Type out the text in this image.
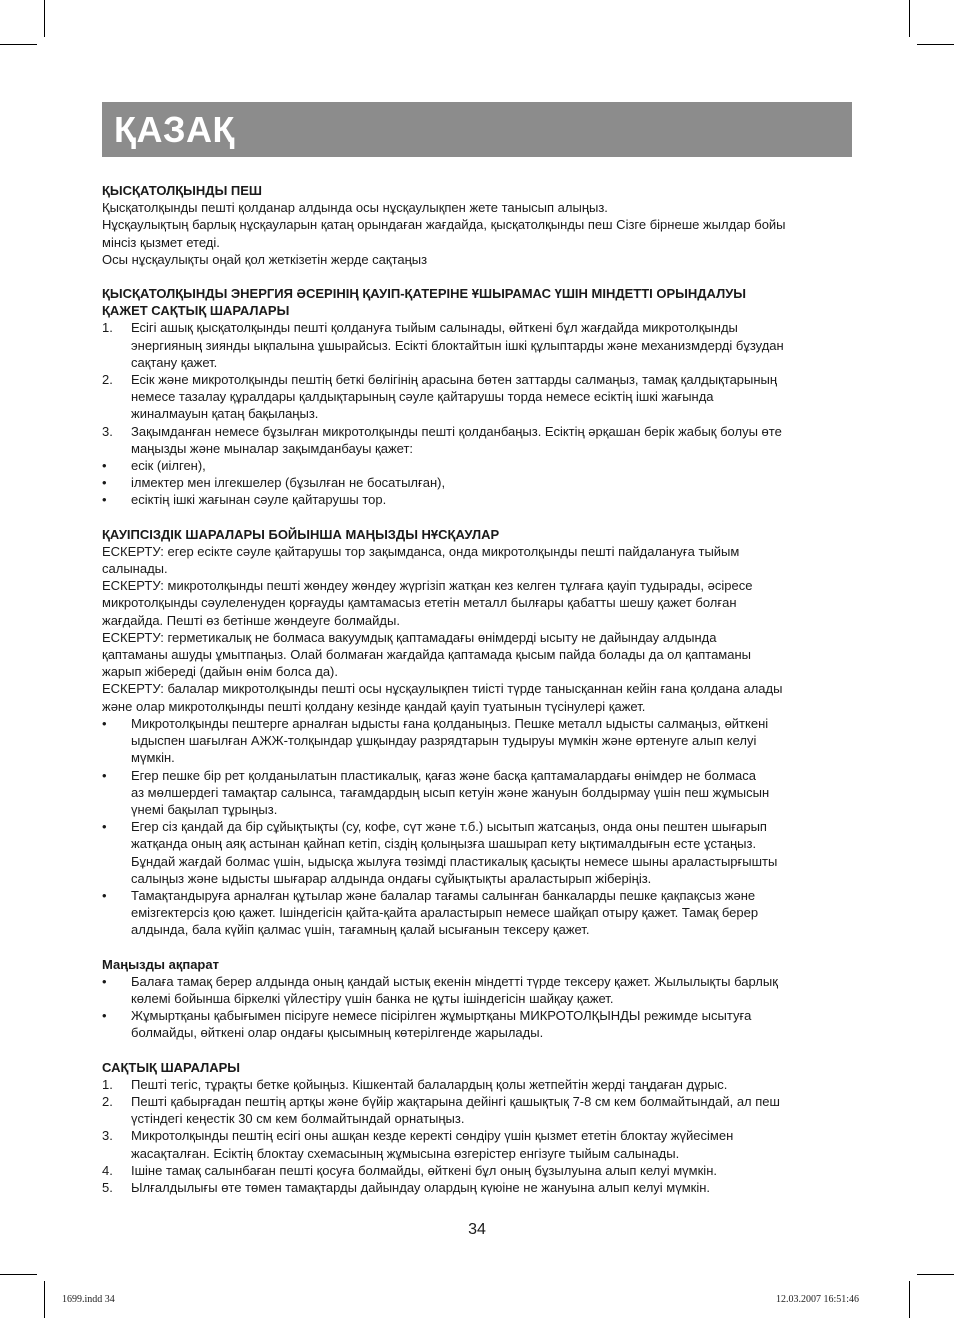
ҚАЗАҚ

ҚЫСҚАТОЛҚЫНДЫ ПЕШ

Қысқатолқынды пешті қолданар алдында осы нұсқаулықпен жете танысып алыңыз.

Нұсқаулықтың барлық нұсқауларын қатаң орындаған жағдайда, қысқатолқынды пеш Сізге бірнеше жылдар бойы

мінсіз қызмет етеді.

Осы нұсқаулықты оңай қол жеткізетін жерде сақтаңыз

ҚЫСҚАТОЛҚЫНДЫ ЭНЕРГИЯ ӘСЕРІНІҢ ҚАУІП-ҚАТЕРІНЕ ҰШЫРАМАС ҮШІН МІНДЕТТІ ОРЫНДАЛУЫ

ҚАЖЕТ САҚТЫҚ ШАРАЛАРЫ

1. Есігі ашық қысқатолқынды пешті қолдануға тыйым салынады, өйткені бұл жағдайда микротолқынды

энергияның зиянды ықпалына ұшырайсыз. Есікті блоктайтын ішкі құлыптарды және механизмдерді бұзудан

сақтану қажет.

2. Есік және микротолқынды пештің беткі бөлігінің арасына бөтен заттарды салмаңыз, тамақ қалдықтарының

немесе тазалау құралдары қалдықтарының сәуле қайтарушы торда немесе есіктің ішкі жағында

жиналмауын қатаң бақылаңыз.

3. Зақымданған немесе бұзылған микротолқынды пешті қолданбаңыз. Есіктің әрқашан берік жабық болуы өте

маңызды және мыналар зақымданбауы қажет:

• есік (иілген),

• ілмектер мен ілгекшелер (бұзылған не босатылған),

• есіктің ішкі жағынан сәуле қайтарушы тор.

ҚАУІПСІЗДІК ШАРАЛАРЫ БОЙЫНША МАҢЫЗДЫ НҰСҚАУЛАР

ЕСКЕРТУ: егер есікте сәуле қайтарушы тор зақымданса, онда микротолқынды пешті пайдалануға тыйым

салынады.

ЕСКЕРТУ: микротолқынды пешті жөндеу жөндеу жүргізіп жатқан кез келген тұлғаға қауіп тудырады, әсіресе

микротолқынды сәулеленуден қорғауды қамтамасыз ететін металл былғары қабатты шешу қажет болған

жағдайда. Пешті өз бетінше жөндеуге болмайды.

ЕСКЕРТУ: герметикалық не болмаса вакуумдық қаптамадағы өнімдерді ысыту не дайындау алдында

қаптаманы ашуды ұмытпаңыз. Олай болмаған жағдайда қаптамада қысым пайда болады да ол қаптаманы

жарып жібереді (дайын өнім болса да).

ЕСКЕРТУ: балалар микротолқынды пешті осы нұсқаулықпен тиісті түрде танысқаннан кейін ғана қолдана алады

және олар микротолқынды пешті қолдану кезінде қандай қауіп туатынын түсінулері қажет.

• Микротолқынды пештерге арналған ыдысты ғана қолданыңыз. Пешке металл ыдысты салмаңыз, өйткені

ыдыспен шағылған АЖЖ-толқындар ұшқындау разрядтарын тудыруы мүмкін және өртенуге алып келуі

мүмкін.

• Егер пешке бір рет қолданылатын пластикалық, қағаз және басқа қаптамалардағы өнімдер не болмаса

аз мөлшердегі тамақтар салынса, тағамдардың ысып кетуін және жануын болдырмау үшін пеш жұмысын

үнемі бақылап тұрыңыз.

• Егер сіз қандай да бір сұйықтықты (су, кофе, сүт және т.б.) ысытып жатсаңыз, онда оны пештен шығарып

жатқанда оның аяқ астынан қайнап кетіп, сіздің қолыңызға шашырап кету ықтималдығын есте ұстаңыз.

Бұндай жағдай болмас үшін, ыдысқа жылуға төзімді пластикалық қасықты немесе шыны араластырғышты

салыңыз және ыдысты шығарар алдында ондағы сұйықтықты араластырып жіберіңіз.

• Тамақтандыруға арналған құтылар және балалар тағамы салынған банкаларды пешке қақпақсыз және

емізгектерсіз қою қажет. Ішіндегісін қайта-қайта араластырып немесе шайқап отыру қажет. Тамақ берер

алдында, бала күйіп қалмас үшін, тағамның қалай ысығанын тексеру қажет.

Маңызды ақпарат

• Балаға тамақ берер алдында оның қандай ыстық екенін міндетті түрде тексеру қажет. Жылылықты барлық

көлемі бойынша біркелкі үйлестіру үшін банка не құты ішіндегісін шайқау қажет.

• Жұмыртқаны қабығымен пісіруге немесе пісірілген жұмыртқаны МИКРОТОЛҚЫНДЫ режимде ысытуға

болмайды, өйткені олар ондағы қысымның көтерілгенде жарылады.

САҚТЫҚ ШАРАЛАРЫ

1. Пешті тегіс, тұрақты бетке қойыңыз. Кішкентай балалардың қолы жетпейтін жерді таңдаған дұрыс.

2. Пешті қабырғадан пештің артқы және бүйір жақтарына дейінгі қашықтық 7-8 см кем болмайтындай, ал пеш

үстіндегі кеңестік 30 см кем болмайтындай орнатыңыз.

3. Микротолқынды пештің есігі оны ашқан кезде керекті сөндіру үшін қызмет ететін блоктау жүйесімен

жасақталған. Есіктің блоктау схемасының жұмысына өзгерістер енгізуге тыйым салынады.

4. Ішіне тамақ салынбаған пешті қосуға болмайды, өйткені бұл оның бұзылуына алып келуі мүмкін.

5. Ылғалдылығы өте төмен тамақтарды дайындау олардың күюіне не жануына алып келуі мүмкін.

34
1699.indd 34	12.03.2007 16:51:46
